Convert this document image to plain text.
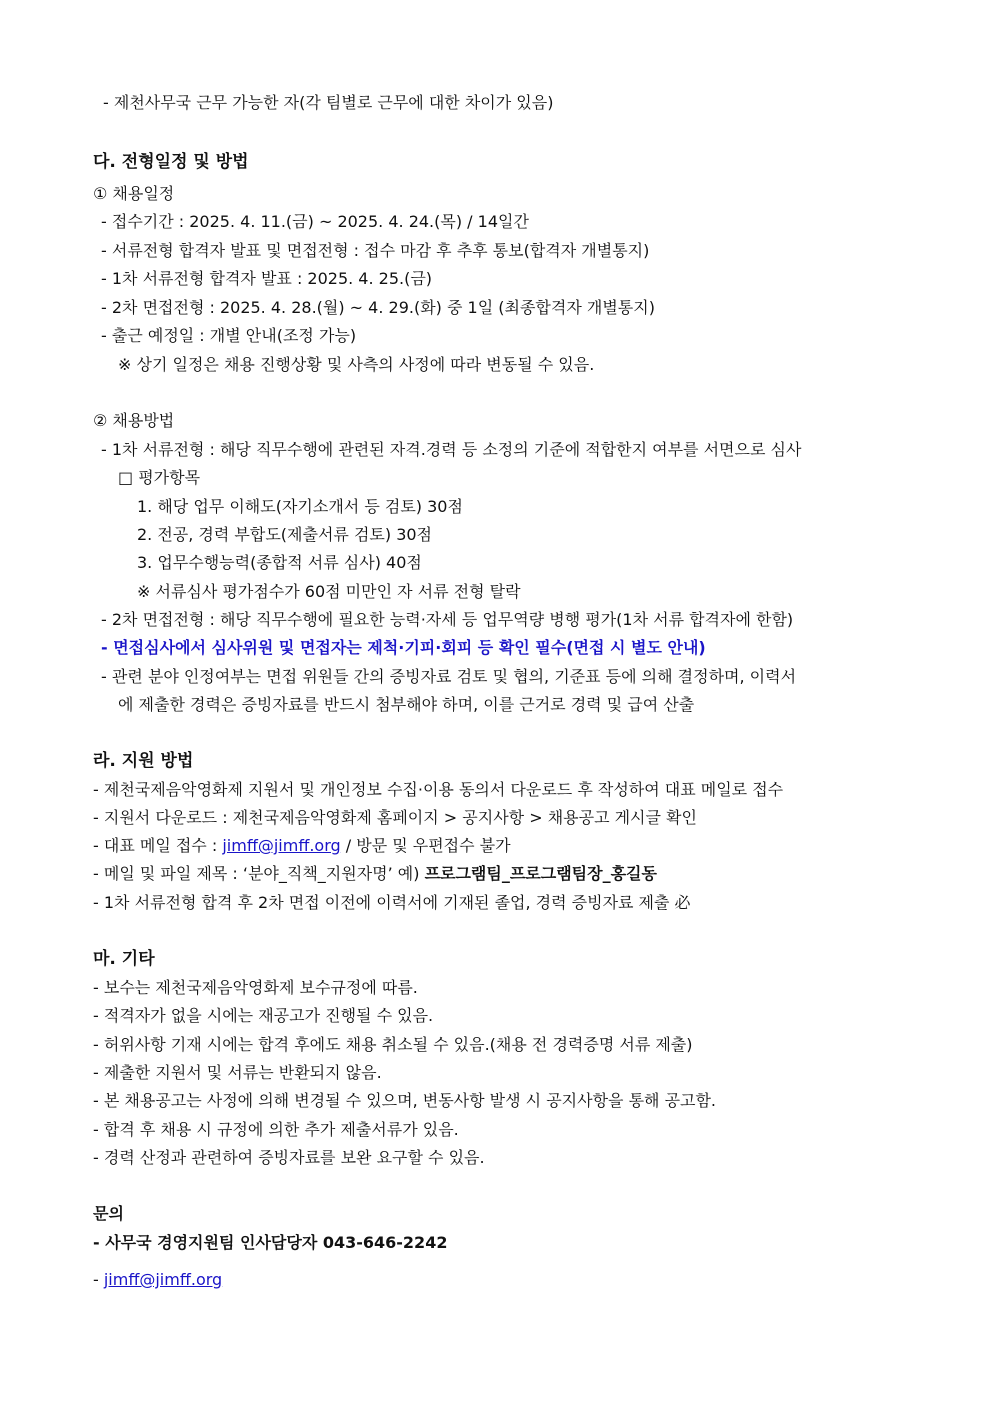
- 제천사무국 근무 가능한 자(각 팀별로 근무에 대한 차이가 있음)
다. 전형일정 및 방법
① 채용일정
- 접수기간 : 2025. 4. 11.(금) ~ 2025. 4. 24.(목) / 14일간
- 서류전형 합격자 발표 및 면접전형 : 접수 마감 후 추후 통보(합격자 개별통지)
- 1차 서류전형 합격자 발표 : 2025. 4. 25.(금)
- 2차 면접전형 : 2025. 4. 28.(월) ~ 4. 29.(화) 중 1일 (최종합격자 개별통지)
- 출근 예정일 : 개별 안내(조정 가능)
※ 상기 일정은 채용 진행상황 및 사측의 사정에 따라 변동될 수 있음.
② 채용방법
- 1차 서류전형 : 해당 직무수행에 관련된 자격.경력 등 소정의 기준에 적합한지 여부를 서면으로 심사
□ 평가항목
1. 해당 업무 이해도(자기소개서 등 검토) 30점
2. 전공, 경력 부합도(제출서류 검토) 30점
3. 업무수행능력(종합적 서류 심사) 40점
※ 서류심사 평가점수가 60점 미만인 자 서류 전형 탈락
- 2차 면접전형 : 해당 직무수행에 필요한 능력·자세 등 업무역량 병행 평가(1차 서류 합격자에 한함)
- 면접심사에서 심사위원 및 면접자는 제척·기피·회피 등 확인 필수(면접 시 별도 안내)
- 관련 분야 인정여부는 면접 위원들 간의 증빙자료 검토 및 협의, 기준표 등에 의해 결정하며, 이력서
에 제출한 경력은 증빙자료를 반드시 첨부해야 하며, 이를 근거로 경력 및 급여 산출
라. 지원 방법
- 제천국제음악영화제 지원서 및 개인정보 수집·이용 동의서 다운로드 후 작성하여 대표 메일로 접수
- 지원서 다운로드 : 제천국제음악영화제 홈페이지 > 공지사항 > 채용공고 게시글 확인
- 대표 메일 접수 : jimff@jimff.org / 방문 및 우편접수 불가
- 메일 및 파일 제목 : ‘분야_직책_지원자명’ 예) 프로그램팀_프로그램팀장_홍길동
- 1차 서류전형 합격 후 2차 면접 이전에 이력서에 기재된 졸업, 경력 증빙자료 제출 必
마. 기타
- 보수는 제천국제음악영화제 보수규정에 따름.
- 적격자가 없을 시에는 재공고가 진행될 수 있음.
- 허위사항 기재 시에는 합격 후에도 채용 취소될 수 있음.(채용 전 경력증명 서류 제출)
- 제출한 지원서 및 서류는 반환되지 않음.
- 본 채용공고는 사정에 의해 변경될 수 있으며, 변동사항 발생 시 공지사항을 통해 공고함.
- 합격 후 채용 시 규정에 의한 추가 제출서류가 있음.
- 경력 산정과 관련하여 증빙자료를 보완 요구할 수 있음.
문의
- 사무국 경영지원팀 인사담당자 043-646-2242
- jimff@jimff.org
